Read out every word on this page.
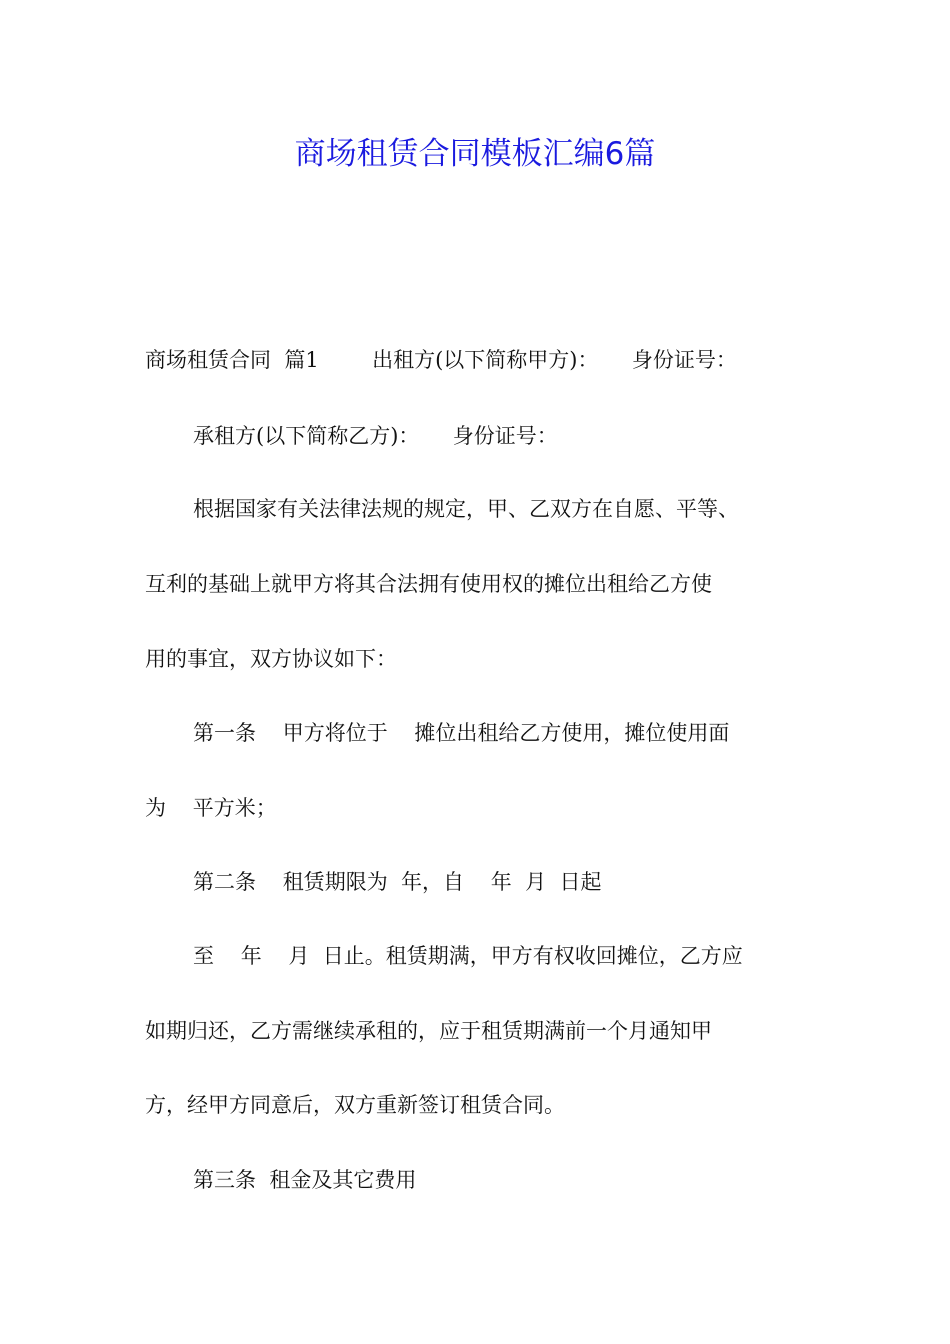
商场租赁合同模板汇编6篇

商场租赁合同  篇1        出租方(以下简称甲方)：     身份证号：

承租方(以下简称乙方)：     身份证号：

根据国家有关法律法规的规定，甲、乙双方在自愿、平等、

互利的基础上就甲方将其合法拥有使用权的摊位出租给乙方使

用的事宜，双方协议如下：

第一条    甲方将位于    摊位出租给乙方使用，摊位使用面

为    平方米；

第二条    租赁期限为  年，自    年  月  日起

至    年    月  日止。租赁期满，甲方有权收回摊位，乙方应

如期归还，乙方需继续承租的，应于租赁期满前一个月通知甲

方，经甲方同意后，双方重新签订租赁合同。

第三条  租金及其它费用
